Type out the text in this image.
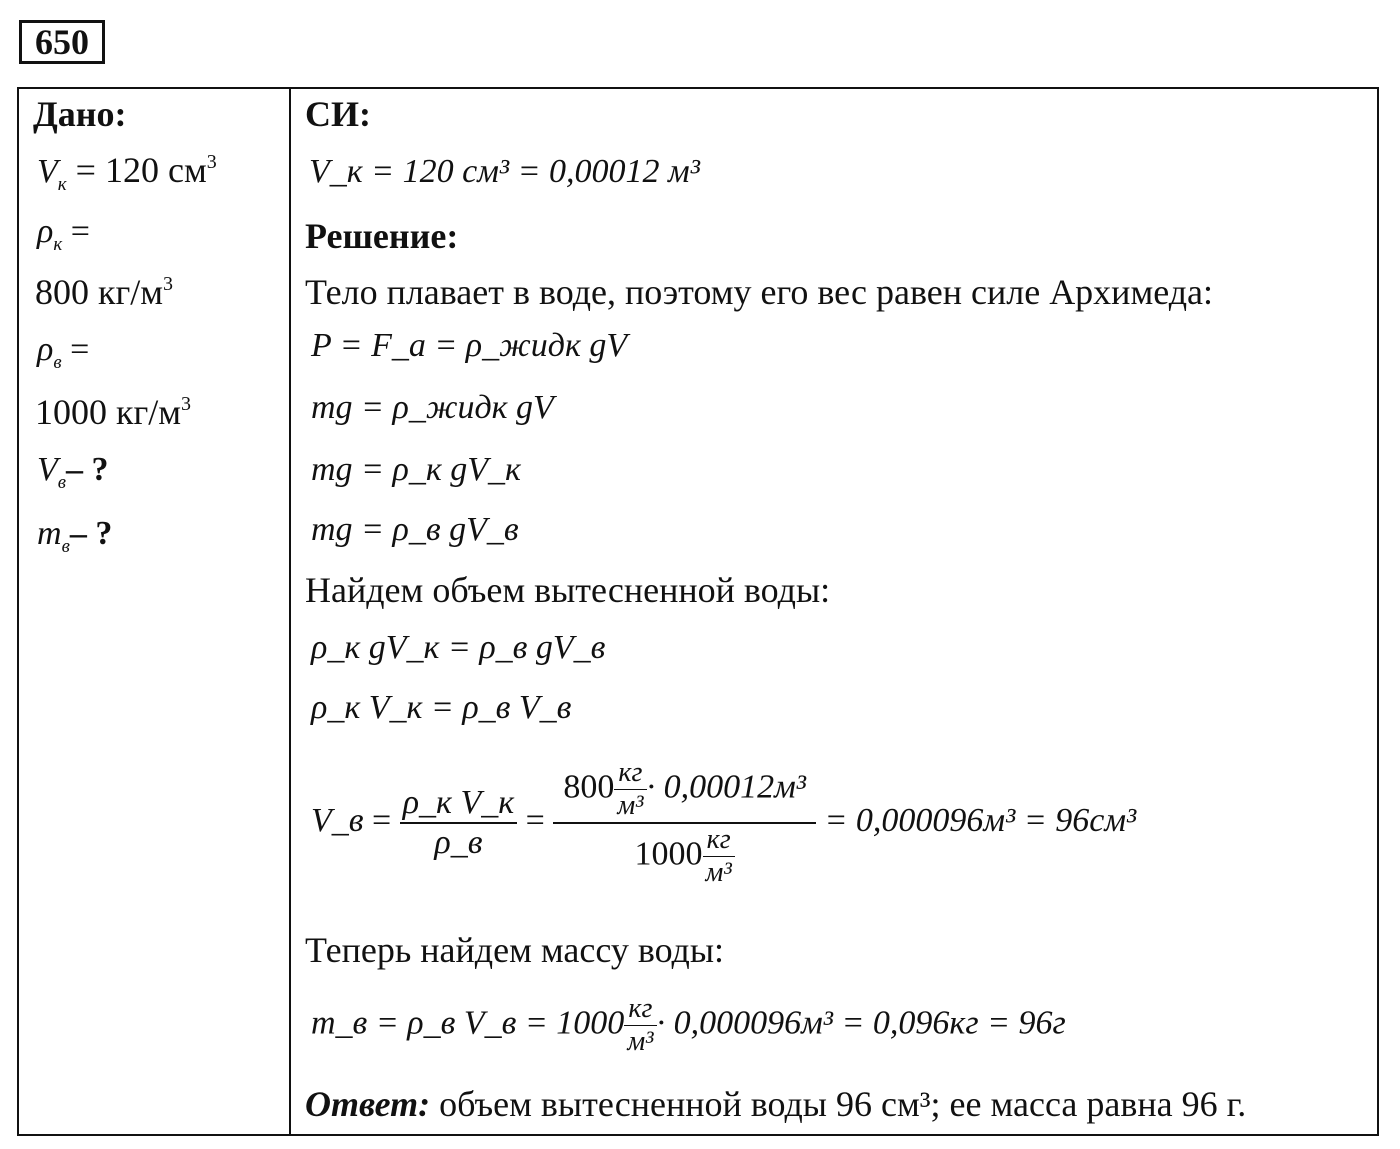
650
Дано:
$V_к = 120$ $см^3$
$\rho_к$ =
800 $кг/м^3$
$\rho_в$ =
1000 $кг/м^3$
$V_в-$ ?
$m_в-$ ?
СИ:
V_к = 120 см³ = 0,00012 м³
Решение:
Тело плавает в воде, поэтому его вес равен силе Архимеда:
P = F_a = ρ_жидк gV
mg = ρ_жидк gV
mg = ρ_к gV_к
mg = ρ_в gV_в
Найдем объем вытесненной воды:
ρ_к gV_к = ρ_в gV_в
ρ_к V_к = ρ_в V_в
V_в = $\frac{\text{ρ\_к V\_к}}{\rho\_в} = \frac{800 \frac{кг}{\text{м³}} \cdot 0,00012м^3}{1000 \frac{кг}{\text{м³}}} = 0,000096м^3 = 96см^3$
Теперь найдем массу воды:
m_в = ρ_в V_в = $1000 \frac{кг}{\text{м³}} \cdot 0,000096м^3 = 0,096кг = 96г$
Ответ: объем вытесненной воды 96 см³; ее масса равна 96 г.
